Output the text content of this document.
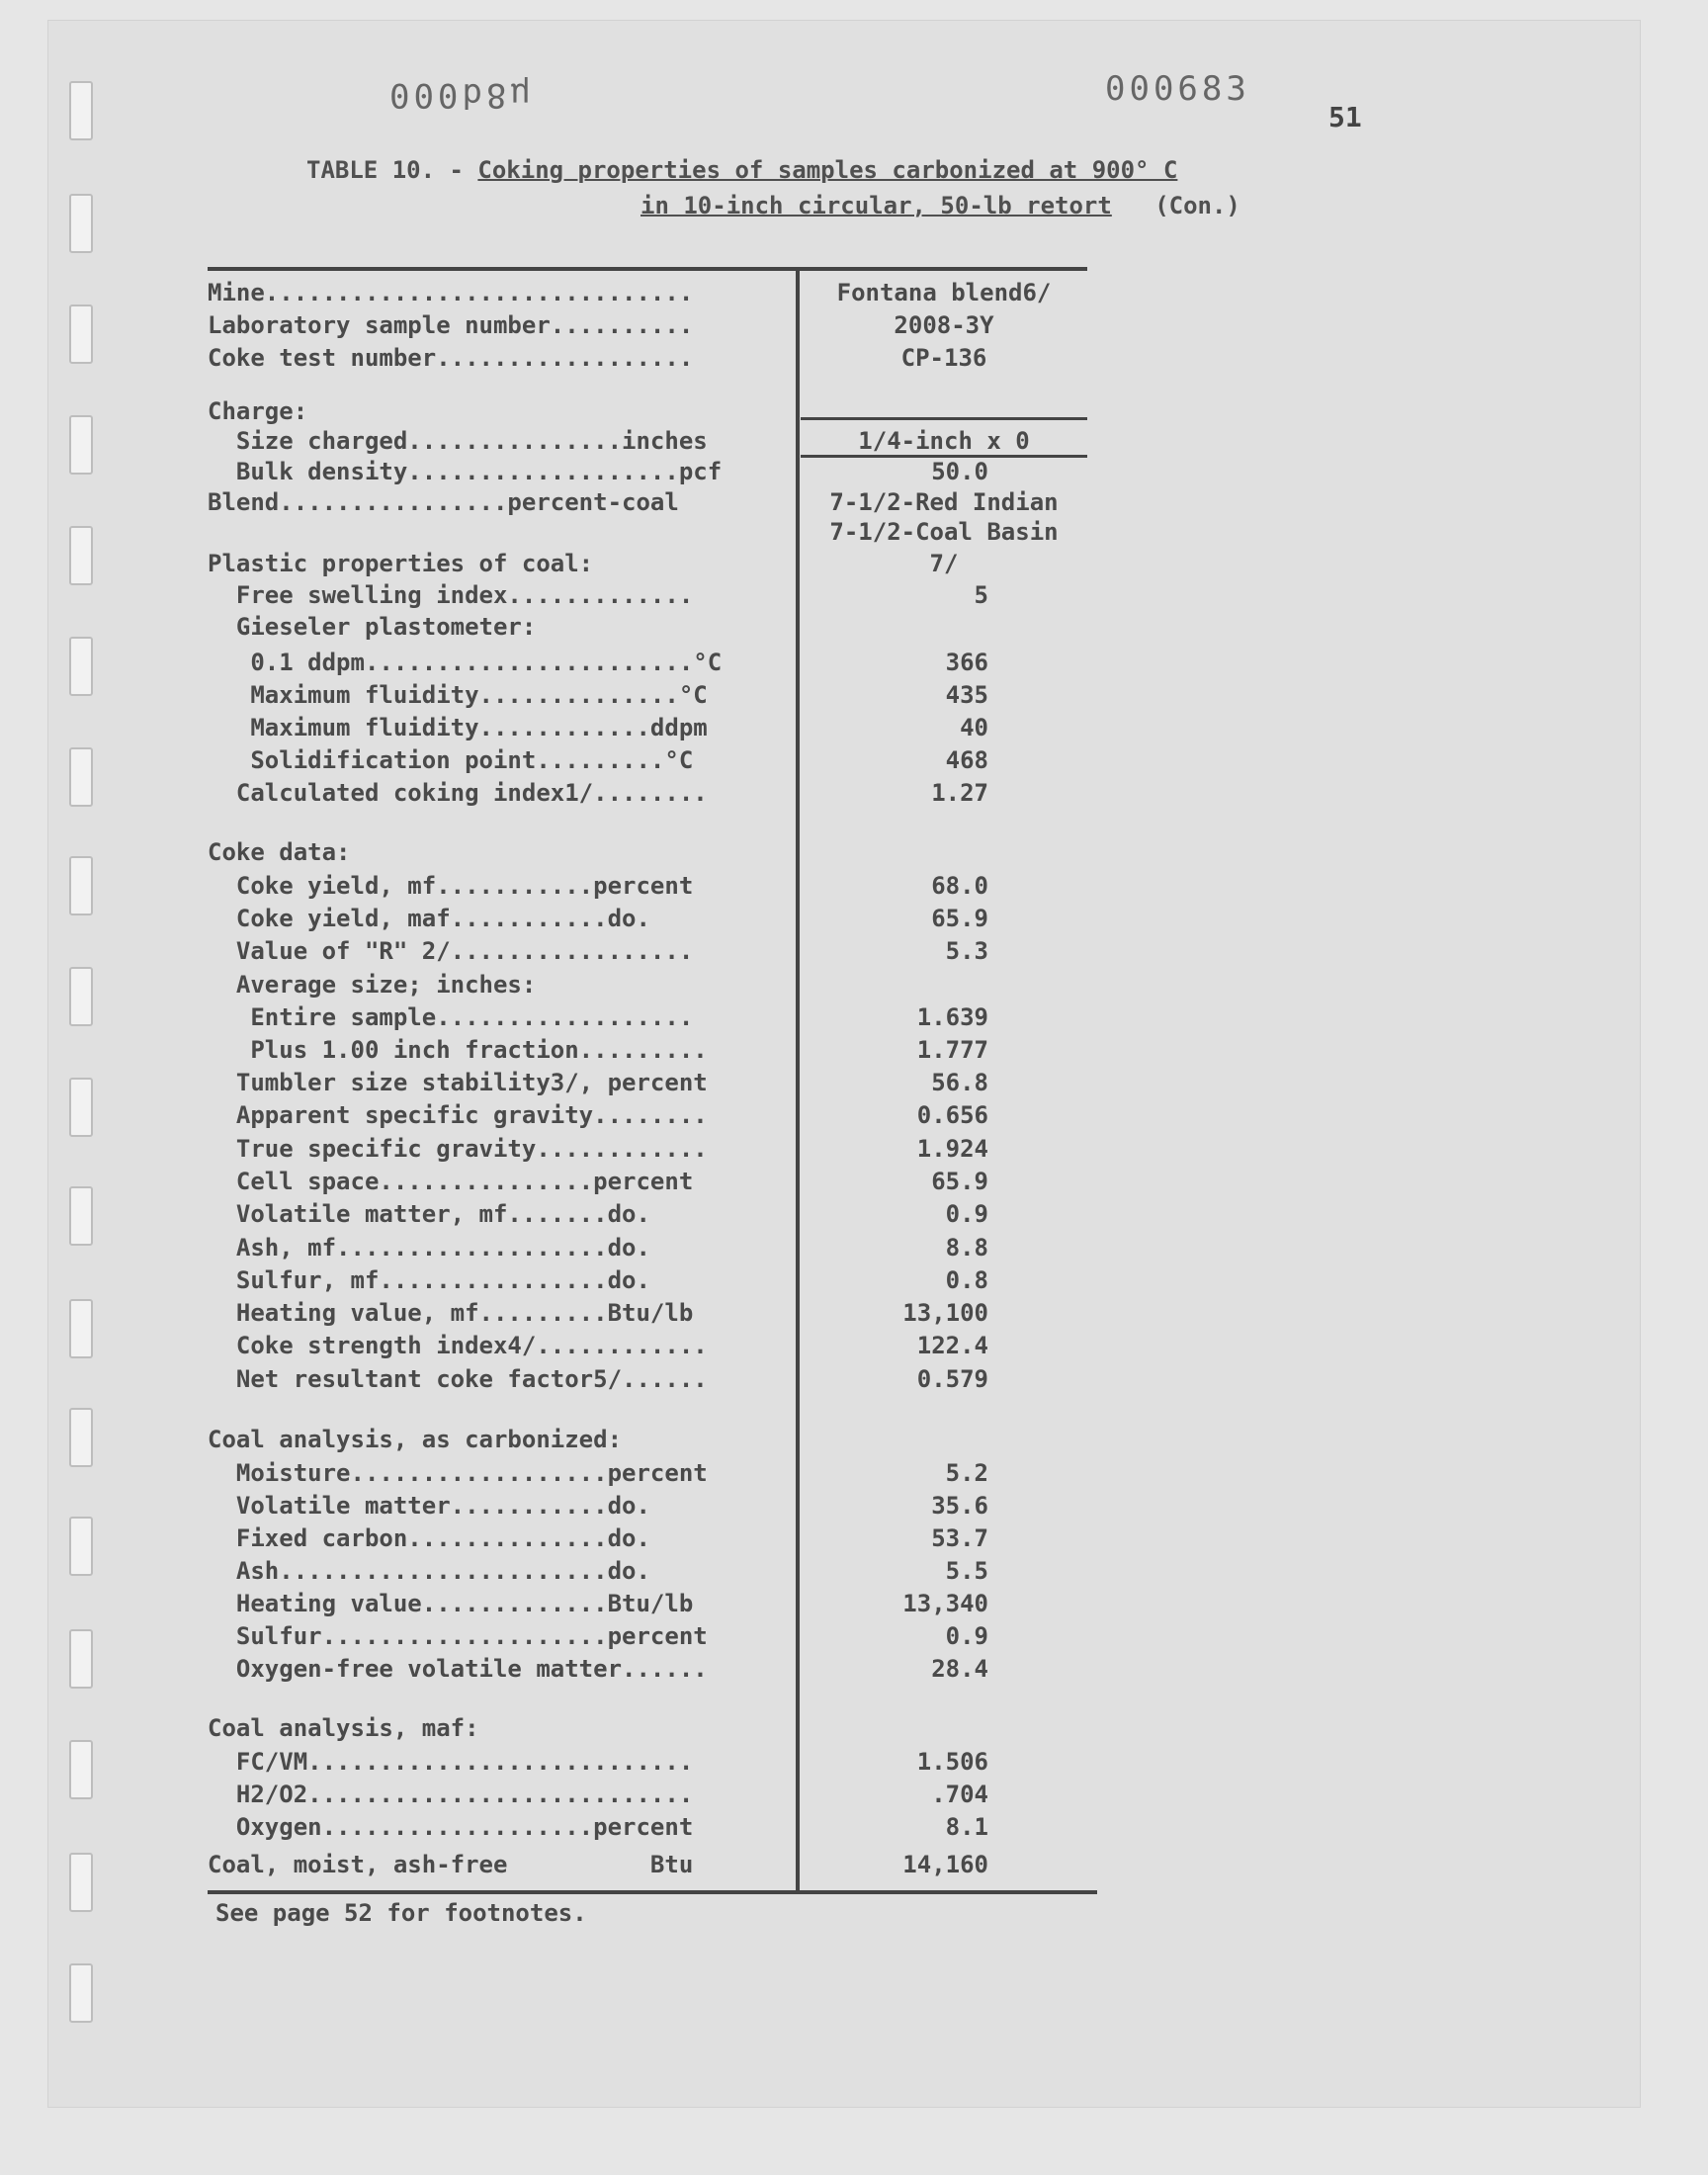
µ8d000	000683
51
TABLE 10. - Coking properties of samples carbonized at 900° C
in 10-inch circular, 50-lb retort (Con.)
Mine..............................	Fontana blend6/
Laboratory sample number..........	2008-3Y
Coke test number..................	CP-136
Charge:
Size charged...............inches	1/4-inch x 0
Bulk density...................pcf	50.0
Blend................percent-coal	7-1/2-Red Indian
7-1/2-Coal Basin
Plastic properties of coal:	7/
Free swelling index.............	5
Gieseler plastometer:
0.1 ddpm.......................°C	366
Maximum fluidity..............°C	435
Maximum fluidity............ddpm	40
Solidification point.........°C	468
Calculated coking index1/........	1.27
Coke data:
Coke yield, mf...........percent	68.0
Coke yield, maf...........do.	65.9
Value of "R" 2/.................	5.3
Average size; inches:
Entire sample..................	1.639
Plus 1.00 inch fraction.........	1.777
Tumbler size stability3/, percent	56.8
Apparent specific gravity........	0.656
True specific gravity............	1.924
Cell space...............percent	65.9
Volatile matter, mf.......do.	0.9
Ash, mf...................do.	8.8
Sulfur, mf................do.	0.8
Heating value, mf.........Btu/lb	13,100
Coke strength index4/............	122.4
Net resultant coke factor5/......	0.579
Coal analysis, as carbonized:
Moisture..................percent	5.2
Volatile matter...........do.	35.6
Fixed carbon..............do.	53.7
Ash.......................do.	5.5
Heating value.............Btu/lb	13,340
Sulfur....................percent	0.9
Oxygen-free volatile matter......	28.4
Coal analysis, maf:
FC/VM...........................	1.506
H2/O2...........................	.704
Oxygen...................percent	8.1
Coal, moist, ash-free          Btu	14,160
See page 52 for footnotes.
